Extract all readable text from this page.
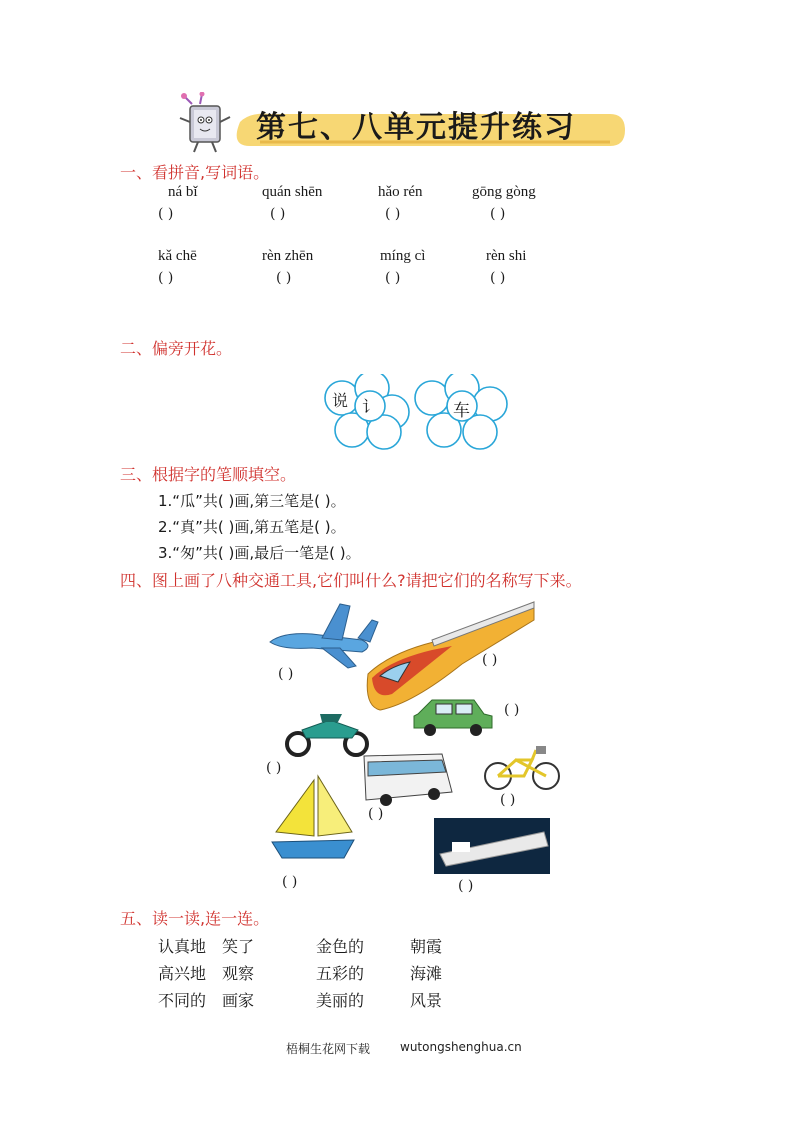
第七、八单元提升练习
一、看拼音,写词语。
ná bǐ	quán shēn	hǎo rén	gōng gòng
( )	( )	( )	( )
kǎ chē	rèn zhēn	míng cì	rèn shi
( )	( )	( )	( )
二、偏旁开花。
说 讠	车
三、根据字的笔顺填空。
1.“瓜”共( )画,第三笔是( )。
2.“真”共( )画,第五笔是( )。
3.“匆”共( )画,最后一笔是( )。
四、图上画了八种交通工具,它们叫什么?请把它们的名称写下来。
( )
( )
( )
( )
( )
( )
( )	( )
五、读一读,连一连。
认真地 笑了	金色的	朝霞
高兴地 观察	五彩的	海滩
不同的 画家	美丽的	风景
梧桐生花网下载 wutongshenghua.cn
